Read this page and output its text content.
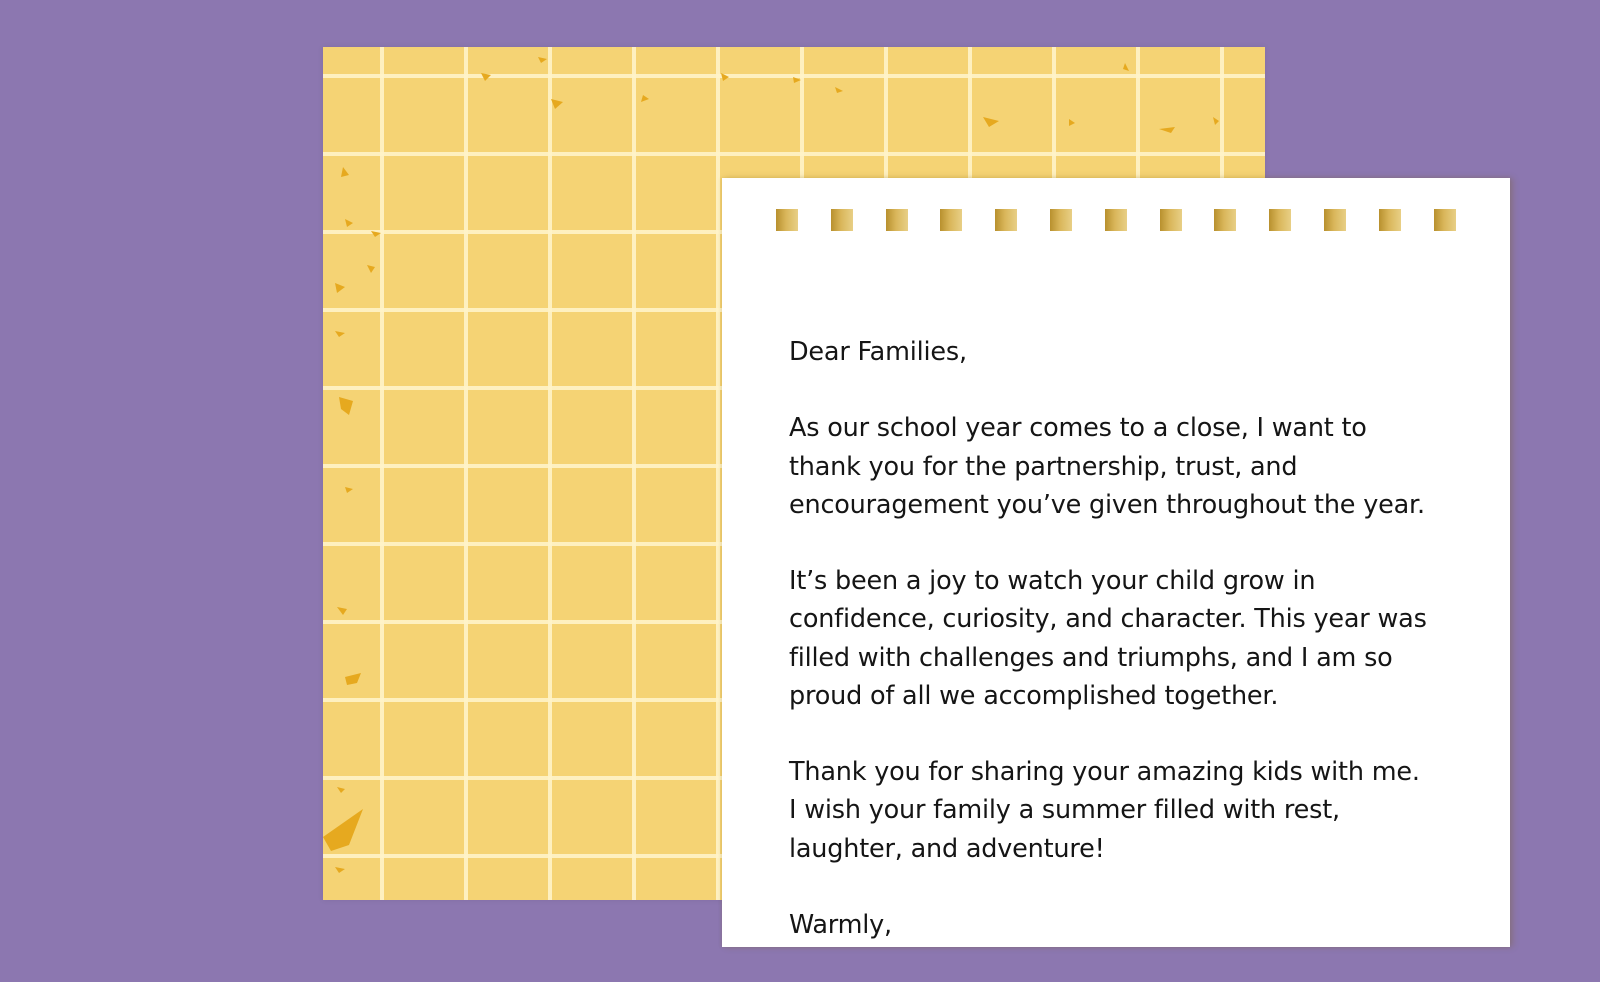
Dear Families,

As our school year comes to a close, I want to
thank you for the partnership, trust, and
encouragement you’ve given throughout the year.

It’s been a joy to watch your child grow in
confidence, curiosity, and character. This year was
filled with challenges and triumphs, and I am so
proud of all we accomplished together.

Thank you for sharing your amazing kids with me.
I wish your family a summer filled with rest,
laughter, and adventure!

Warmly,
